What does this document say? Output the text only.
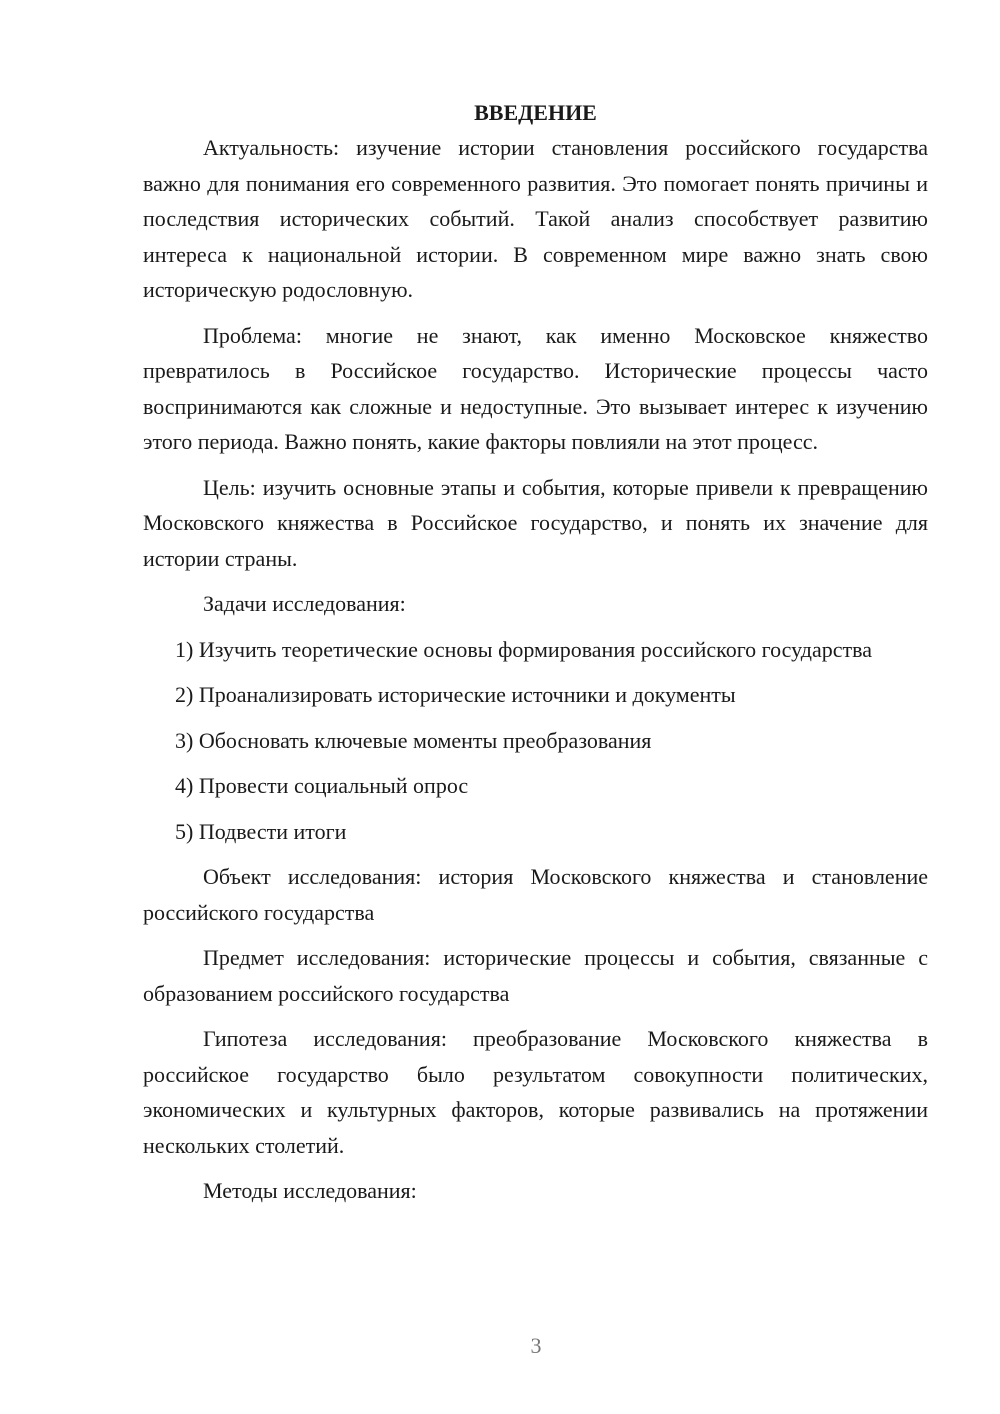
ВВЕДЕНИЕ

Актуальность: изучение истории становления российского государства важно для понимания его современного развития. Это помогает понять причины и последствия исторических событий. Такой анализ способствует развитию интереса к национальной истории. В современном мире важно знать свою историческую родословную.

Проблема: многие не знают, как именно Московское княжество превратилось в Российское государство. Исторические процессы часто воспринимаются как сложные и недоступные. Это вызывает интерес к изучению этого периода. Важно понять, какие факторы повлияли на этот процесс.

Цель: изучить основные этапы и события, которые привели к превращению Московского княжества в Российское государство, и понять их значение для истории страны.

Задачи исследования:

1) Изучить теоретические основы формирования российского государства

2) Проанализировать исторические источники и документы

3) Обосновать ключевые моменты преобразования

4) Провести социальный опрос

5) Подвести итоги

Объект исследования: история Московского княжества и становление российского государства

Предмет исследования: исторические процессы и события, связанные с образованием российского государства

Гипотеза исследования: преобразование Московского княжества в российское государство было результатом совокупности политических, экономических и культурных факторов, которые развивались на протяжении нескольких столетий.

Методы исследования:

3
